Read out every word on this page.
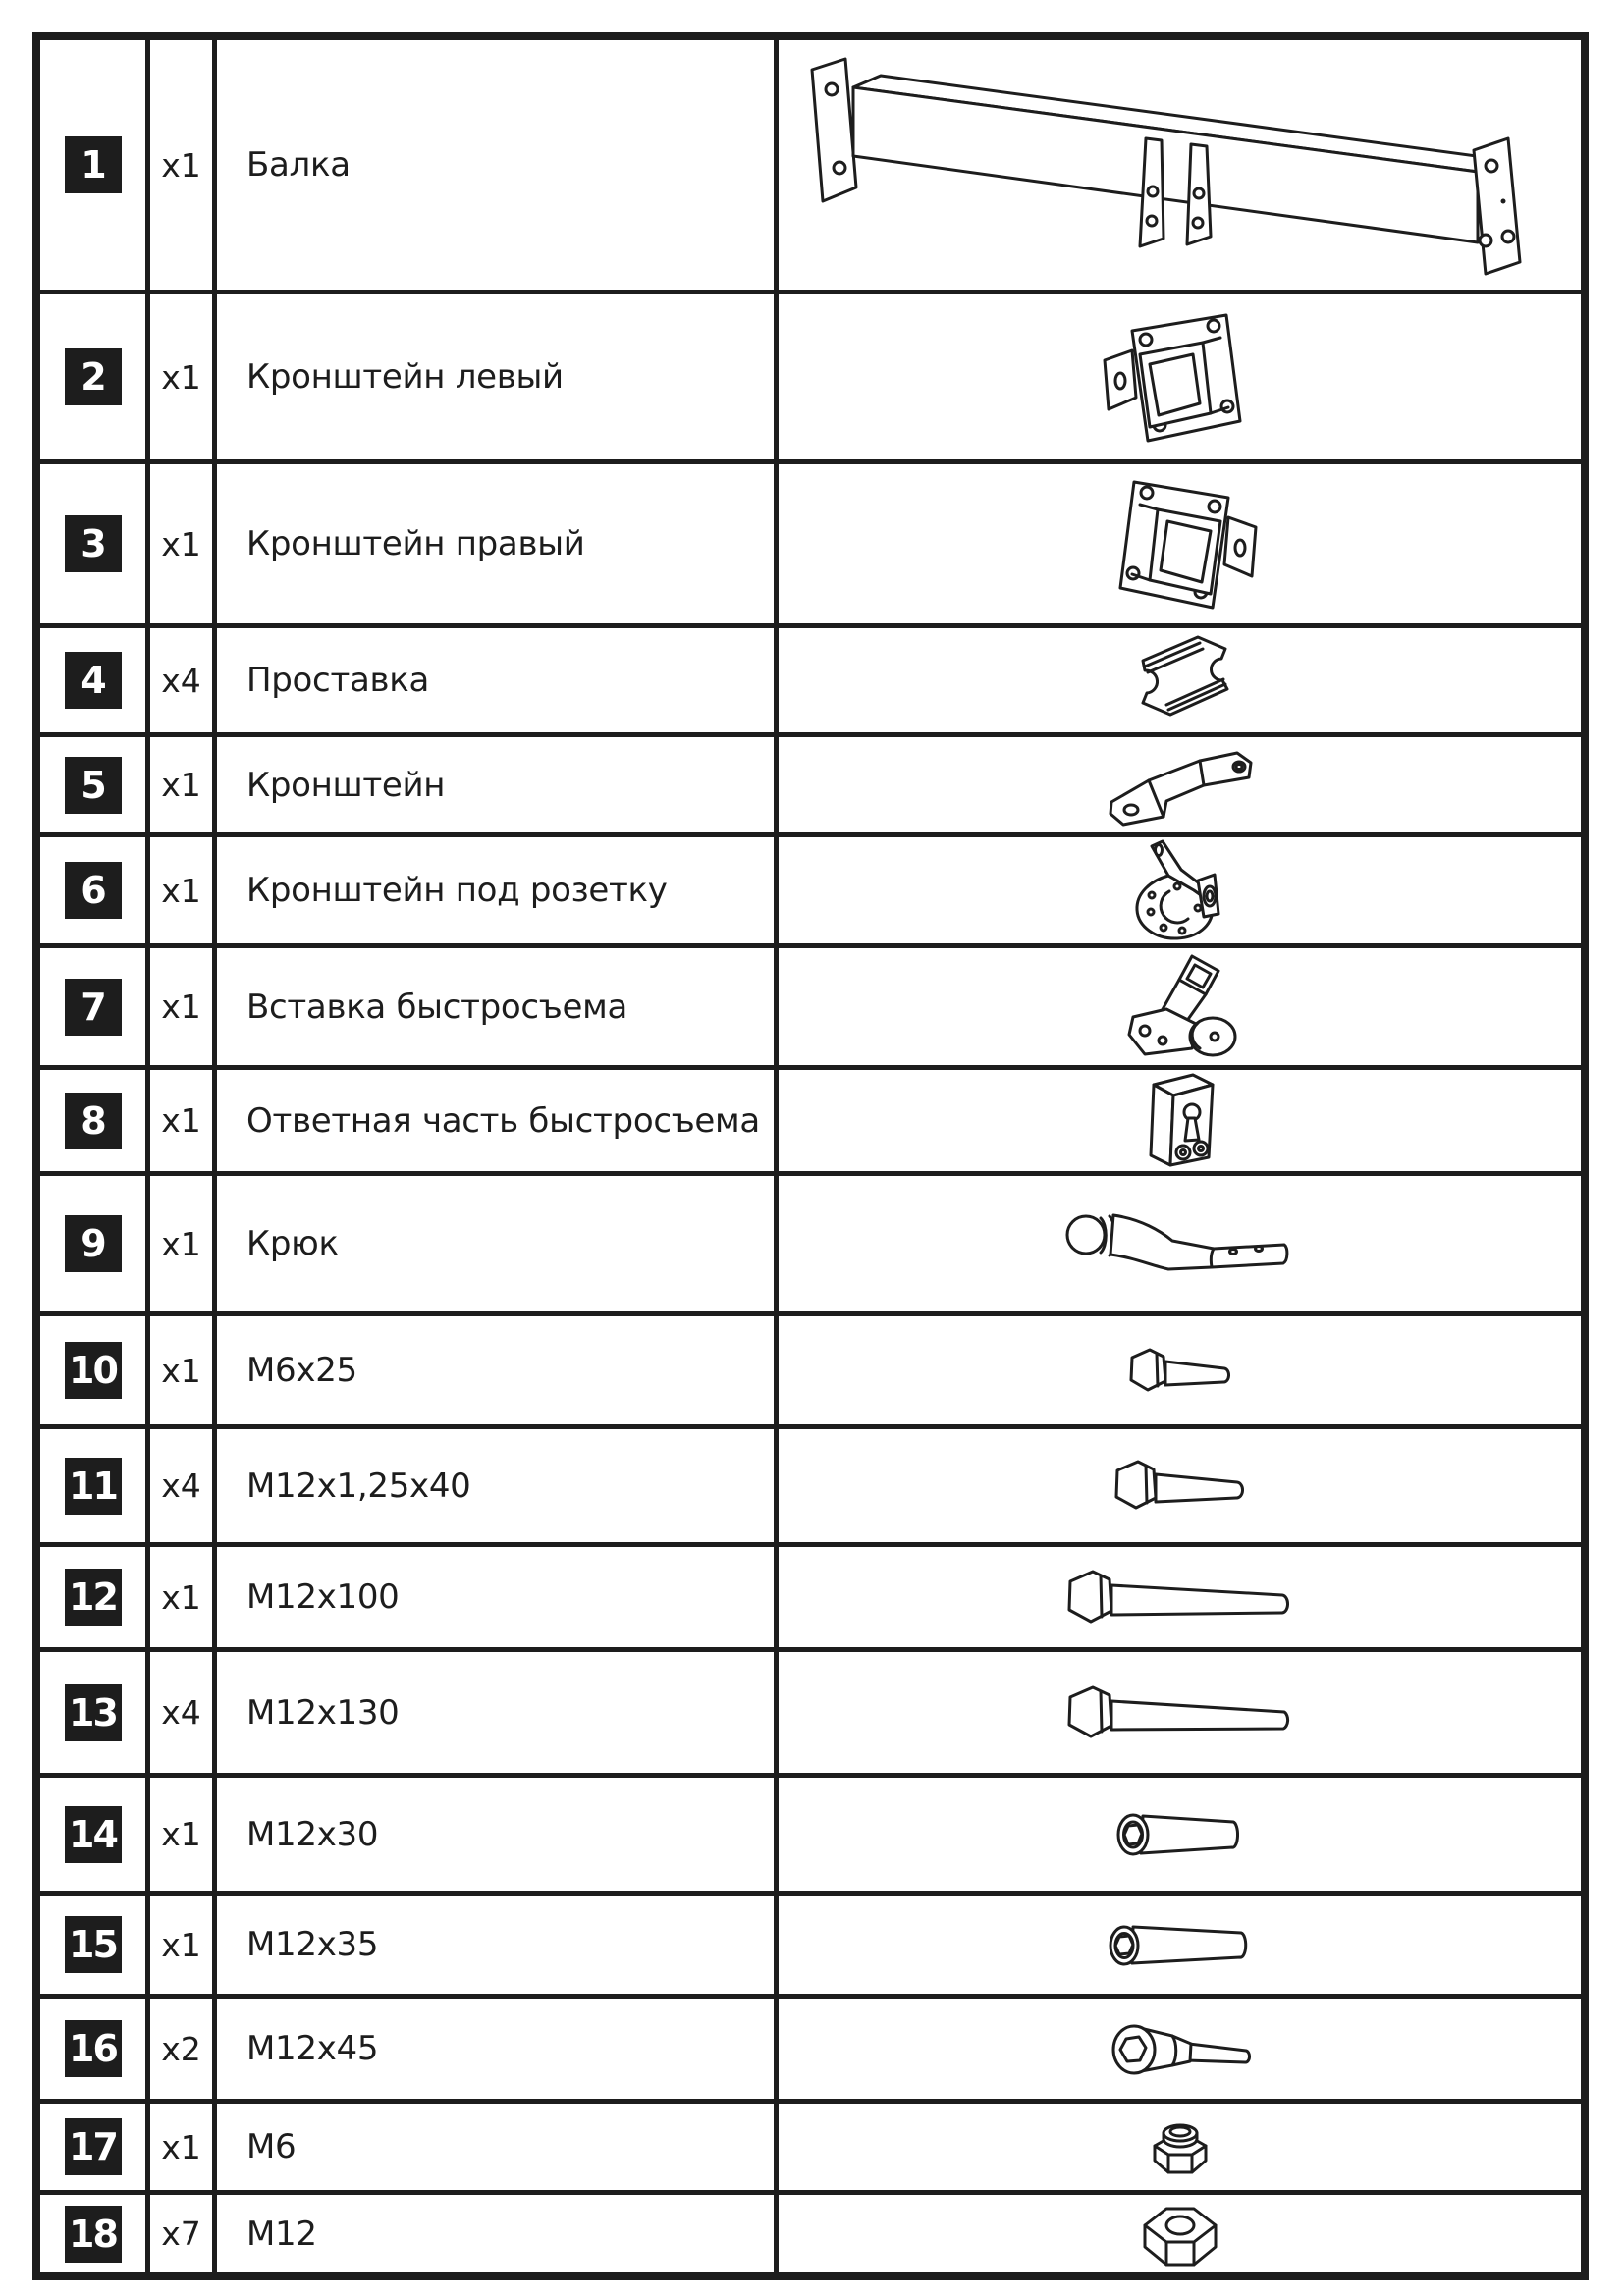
1	x1	Балка
2	x1	Кронштейн левый
3	x1	Кронштейн правый
4	x4	Проставка
5	x1	Кронштейн
6	x1	Кронштейн под розетку
7	x1	Вставка быстросъема
8	x1	Ответная часть быстросъема
9	x1	Крюк
10	x1	М6х25
11	x4	М12х1,25х40
12	x1	М12х100
13	x4	М12х130
14	x1	М12х30
15	x1	М12х35
16	x2	М12х45
17	x1	М6
18	x7	М12
